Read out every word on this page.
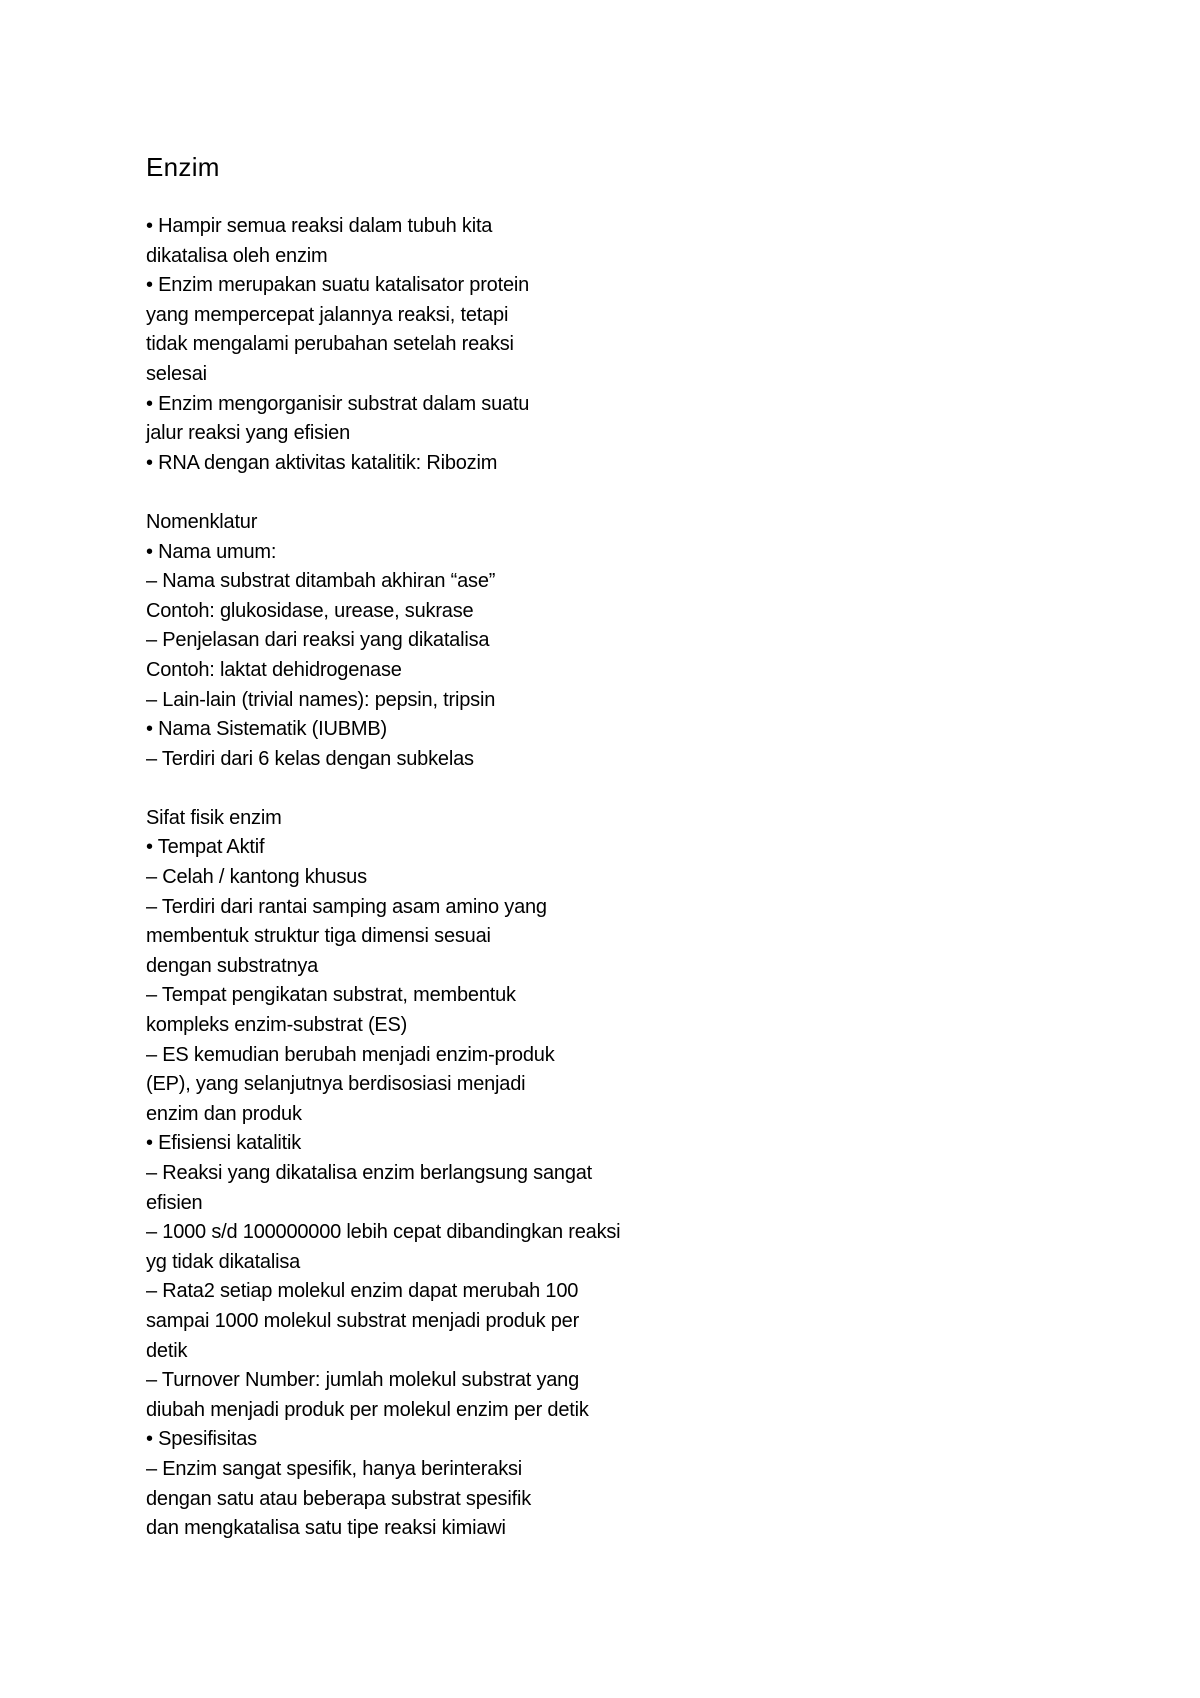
Enzim
• Hampir semua reaksi dalam tubuh kita
dikatalisa oleh enzim
• Enzim merupakan suatu katalisator protein
yang mempercepat jalannya reaksi, tetapi
tidak mengalami perubahan setelah reaksi
selesai
• Enzim mengorganisir substrat dalam suatu
jalur reaksi yang efisien
• RNA dengan aktivitas katalitik: Ribozim
Nomenklatur
• Nama umum:
– Nama substrat ditambah akhiran “ase”
Contoh: glukosidase, urease, sukrase
– Penjelasan dari reaksi yang dikatalisa
Contoh: laktat dehidrogenase
– Lain-lain (trivial names): pepsin, tripsin
• Nama Sistematik (IUBMB)
– Terdiri dari 6 kelas dengan subkelas
Sifat fisik enzim
• Tempat Aktif
– Celah / kantong khusus
– Terdiri dari rantai samping asam amino yang
membentuk struktur tiga dimensi sesuai
dengan substratnya
– Tempat pengikatan substrat, membentuk
kompleks enzim-substrat (ES)
– ES kemudian berubah menjadi enzim-produk
(EP), yang selanjutnya berdisosiasi menjadi
enzim dan produk
• Efisiensi katalitik
– Reaksi yang dikatalisa enzim berlangsung sangat
efisien
– 1000 s/d 100000000 lebih cepat dibandingkan reaksi
yg tidak dikatalisa
– Rata2 setiap molekul enzim dapat merubah 100
sampai 1000 molekul substrat menjadi produk per
detik
– Turnover Number: jumlah molekul substrat yang
diubah menjadi produk per molekul enzim per detik
• Spesifisitas
– Enzim sangat spesifik, hanya berinteraksi
dengan satu atau beberapa substrat spesifik
dan mengkatalisa satu tipe reaksi kimiawi
